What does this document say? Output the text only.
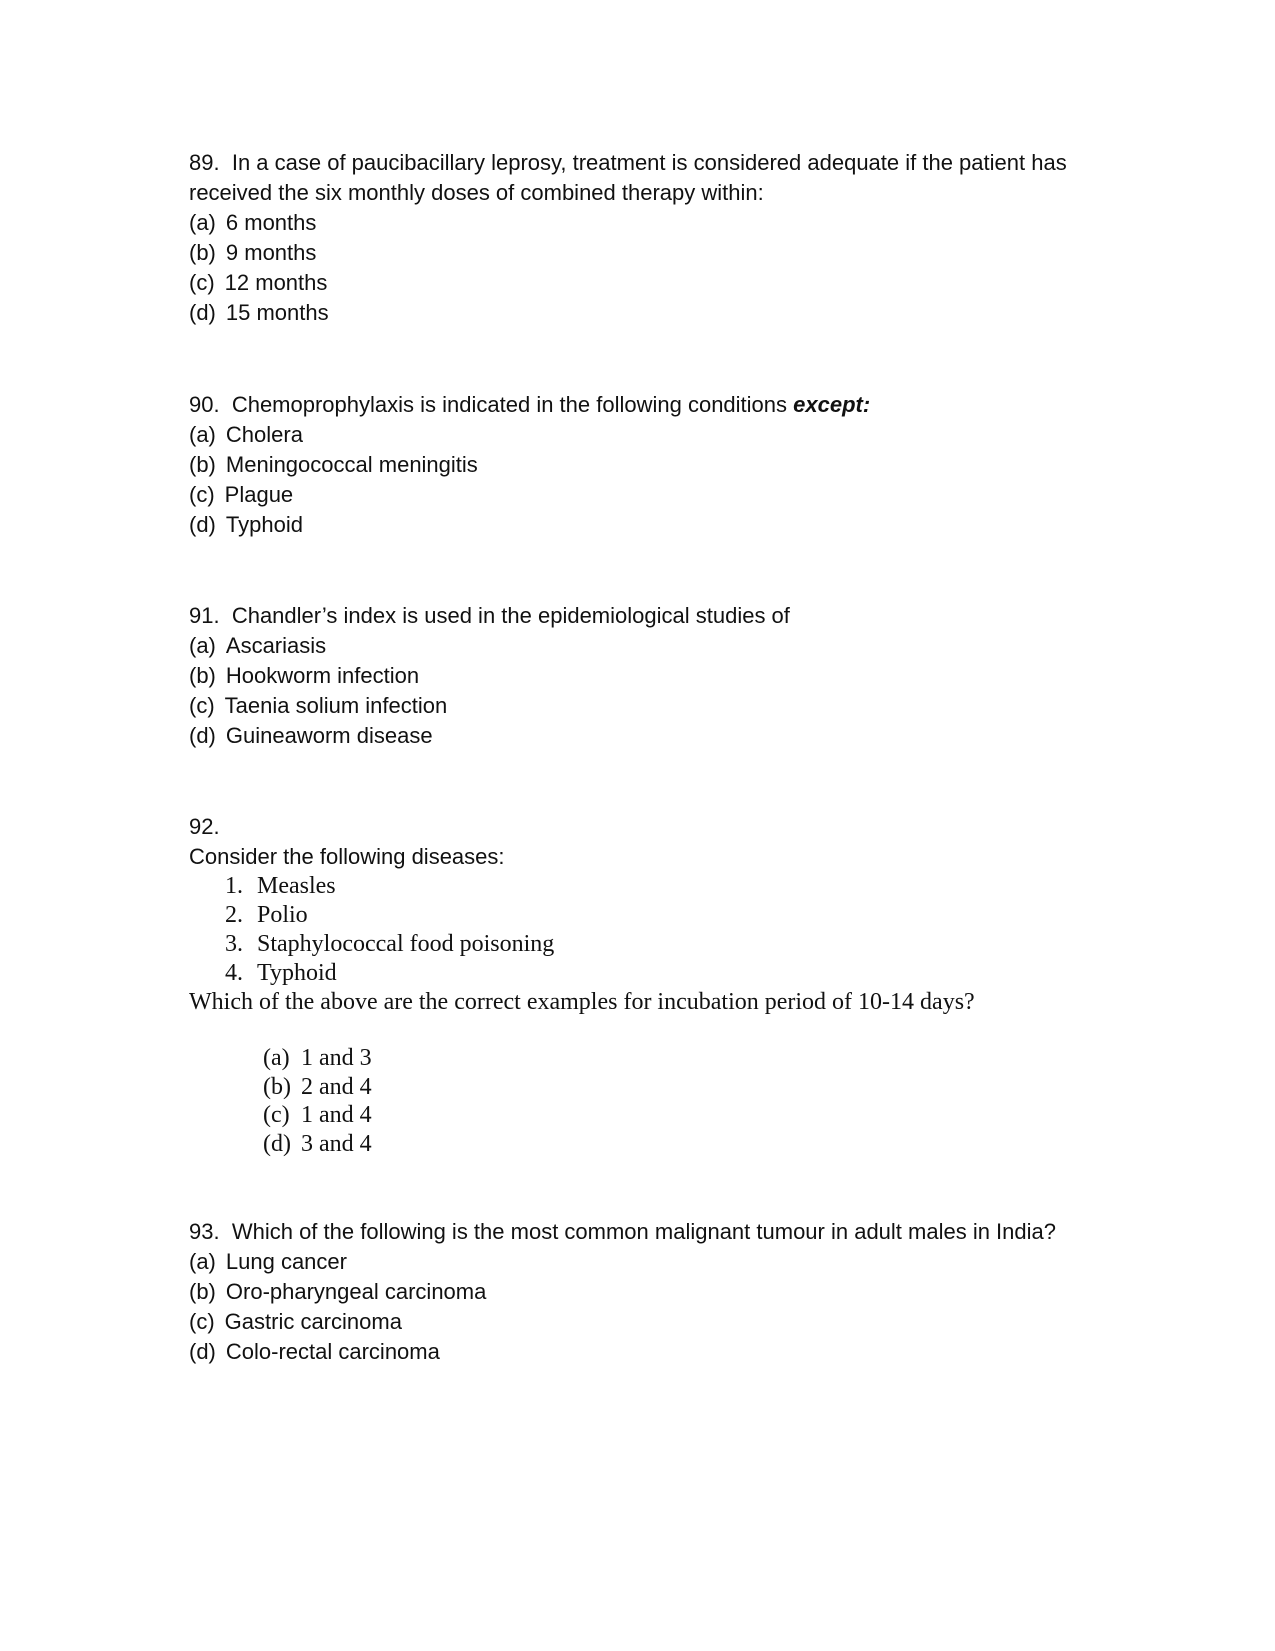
89. In a case of paucibacillary leprosy, treatment is considered adequate if the patient has received the six monthly doses of combined therapy within:

(a) 6 months

(b) 9 months

(c) 12 months

(d) 15 months

90. Chemoprophylaxis is indicated in the following conditions except:

(a) Cholera

(b) Meningococcal meningitis

(c) Plague

(d) Typhoid

91. Chandler’s index is used in the epidemiological studies of

(a) Ascariasis

(b) Hookworm infection

(c) Taenia solium infection

(d) Guineaworm disease

92.

Consider the following diseases:

1. Measles
2. Polio
3. Staphylococcal food poisoning
4. Typhoid

Which of the above are the correct examples for incubation period of 10-14 days?

(a) 1 and 3
(b) 2 and 4
(c) 1 and 4
(d) 3 and 4

93. Which of the following is the most common malignant tumour in adult males in India?

(a) Lung cancer

(b) Oro-pharyngeal carcinoma

(c) Gastric carcinoma

(d) Colo-rectal carcinoma
